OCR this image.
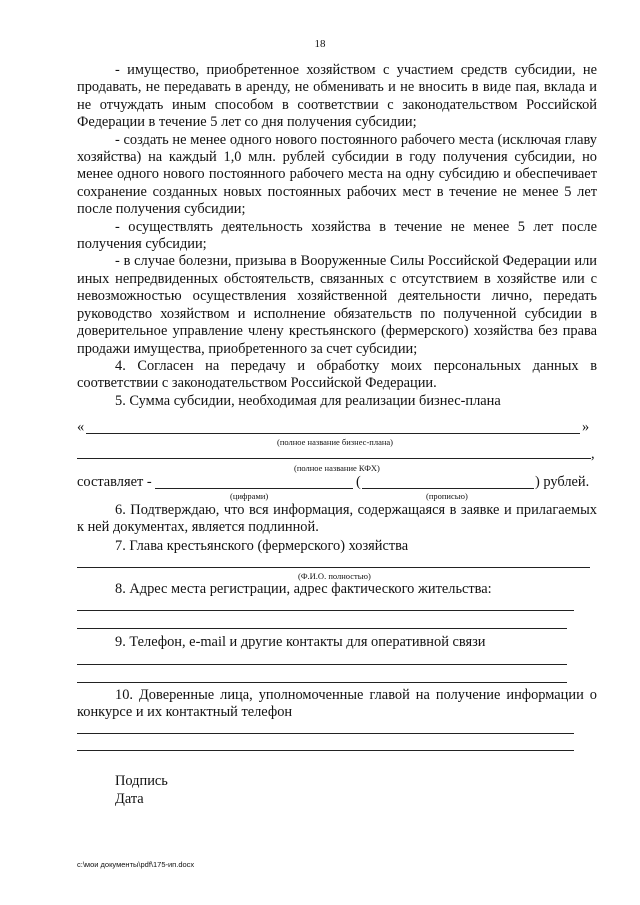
18

- имущество, приобретенное хозяйством с участием средств субсидии, не продавать, не передавать в аренду, не обменивать и не вносить в виде пая, вклада и не отчуждать иным способом в соответствии с законодательством Российской Федерации в течение 5 лет со дня получения субсидии;

- создать не менее одного нового постоянного рабочего места (исключая главу хозяйства) на каждый 1,0 млн. рублей субсидии в году получения субсидии, но менее одного нового постоянного рабочего места на одну субсидию и обеспечивает сохранение созданных новых постоянных рабочих мест в течение не менее 5 лет после получения субсидии;

- осуществлять деятельность хозяйства в течение не менее 5 лет после получения субсидии;

- в случае болезни, призыва в Вооруженные Силы Российской Федерации или иных непредвиденных обстоятельств, связанных с отсутствием в хозяйстве или с невозможностью осуществления хозяйственной деятельности лично, передать руководство хозяйством и исполнение обязательств по полученной субсидии в доверительное управление члену крестьянского (фермерского) хозяйства без права продажи имущества, приобретенного за счет субсидии;

4. Согласен на передачу и обработку моих персональных данных в соответствии с законодательством Российской Федерации.

5. Сумма субсидии, необходимая для реализации бизнес-плана

«	»
(полное название бизнес-плана)
,
(полное название КФХ)
составляет -	(	) рублей.
(цифрами)	(прописью)
6. Подтверждаю, что вся информация, содержащаяся в заявке и прилагаемых к ней документах, является подлинной.
7. Глава крестьянского (фермерского) хозяйства
(Ф.И.О. полностью)
8. Адрес места регистрации, адрес фактического жительства:
9. Телефон, e-mail и другие контакты для оперативной связи
10. Доверенные лица, уполномоченные главой на получение информации о конкурсе и их контактный телефон
Подпись
Дата
c:\мои документы\pdf\175-ип.docx
